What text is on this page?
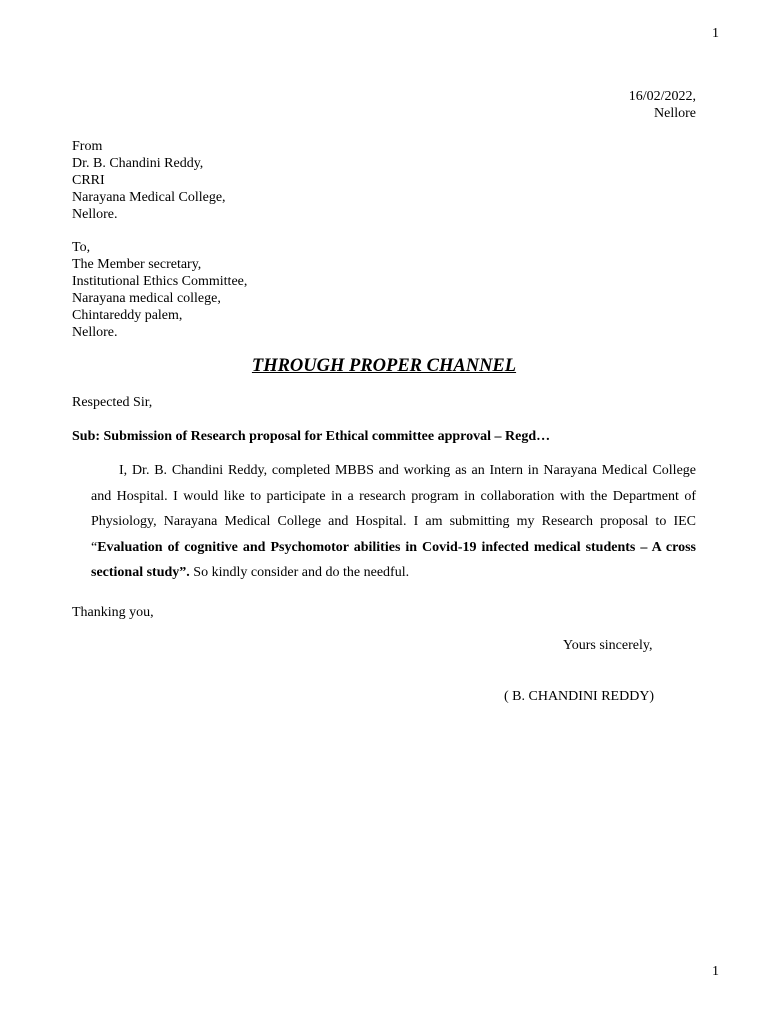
1
16/02/2022,
Nellore
From
Dr. B. Chandini Reddy,
CRRI
Narayana Medical College,
Nellore.
To,
The Member secretary,
Institutional Ethics Committee,
Narayana medical college,
Chintareddy palem,
Nellore.
THROUGH PROPER CHANNEL
Respected Sir,
Sub: Submission of Research proposal for Ethical committee approval – Regd…
I, Dr. B. Chandini Reddy, completed MBBS and working as an Intern in Narayana Medical College and Hospital. I would like to participate in a research program in collaboration with the Department of Physiology, Narayana Medical College and Hospital. I am submitting my Research proposal to IEC “Evaluation of cognitive and Psychomotor abilities in Covid-19 infected medical students – A cross sectional study”. So kindly consider and do the needful.
Thanking you,
Yours sincerely,
( B. CHANDINI REDDY)
1
